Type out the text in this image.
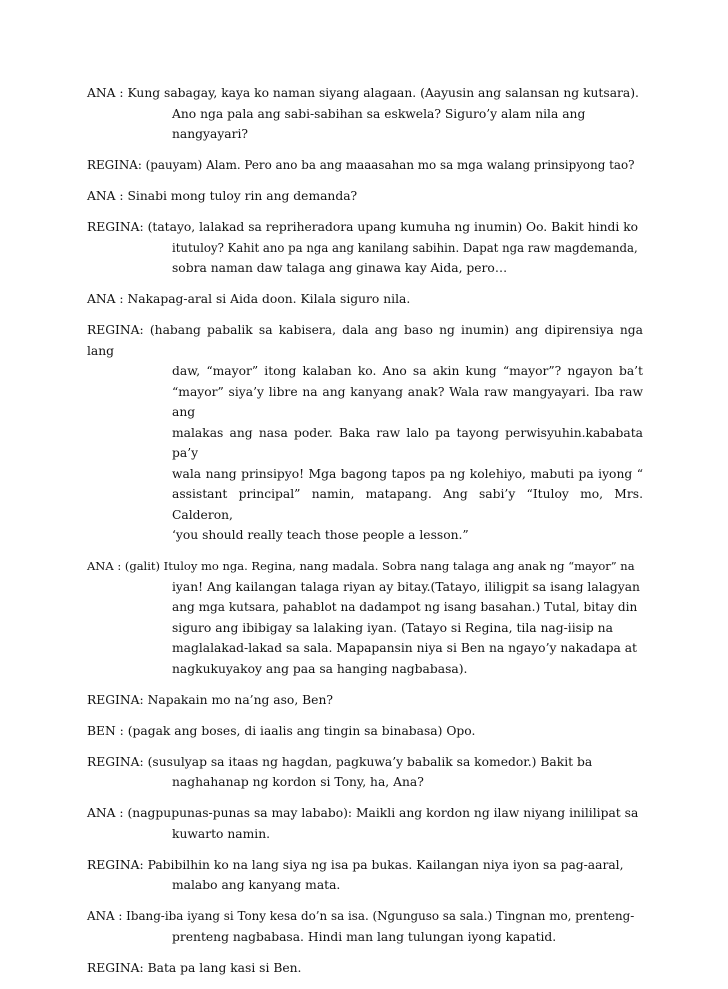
ANA : Kung sabagay, kaya ko naman siyang alagaan. (Aayusin ang salansan ng kutsara).
Ano nga pala ang sabi-sabihan sa eskwela? Siguro’y alam nila ang
nangyayari?
REGINA: (pauyam) Alam. Pero ano ba ang maaasahan mo sa mga walang prinsipyong tao?
ANA : Sinabi mong tuloy rin ang demanda?
REGINA: (tatayo, lalakad sa repriheradora upang kumuha ng inumin) Oo. Bakit hindi ko
itutuloy? Kahit ano pa nga ang kanilang sabihin. Dapat nga raw magdemanda,
sobra naman daw talaga ang ginawa kay Aida, pero…
ANA : Nakapag-aral si Aida doon. Kilala siguro nila.
REGINA: (habang pabalik sa kabisera, dala ang baso ng inumin) ang dipirensiya nga lang
daw, “mayor” itong kalaban ko. Ano sa akin kung “mayor”? ngayon ba’t
“mayor” siya’y libre na ang kanyang anak? Wala raw mangyayari. Iba raw ang
malakas ang nasa poder. Baka raw lalo pa tayong perwisyuhin.kababata pa’y
wala nang prinsipyo! Mga bagong tapos pa ng kolehiyo, mabuti pa iyong “
assistant principal” namin, matapang. Ang sabi’y “Ituloy mo, Mrs. Calderon,
‘you should really teach those people a lesson.”
ANA : (galit) Ituloy mo nga. Regina, nang madala. Sobra nang talaga ang anak ng “mayor” na
iyan! Ang kailangan talaga riyan ay bitay.(Tatayo, ililigpit sa isang lalagyan
ang mga kutsara, pahablot na dadampot ng isang basahan.) Tutal, bitay din
siguro ang ibibigay sa lalaking iyan. (Tatayo si Regina, tila nag-iisip na
maglalakad-lakad sa sala. Mapapansin niya si Ben na ngayo’y nakadapa at
nagkukuyakoy ang paa sa hanging nagbabasa).
REGINA: Napakain mo na’ng aso, Ben?
BEN : (pagak ang boses, di iaalis ang tingin sa binabasa) Opo.
REGINA: (susulyap sa itaas ng hagdan, pagkuwa’y babalik sa komedor.) Bakit ba
naghahanap ng kordon si Tony, ha, Ana?
ANA : (nagpupunas-punas sa may lababo): Maikli ang kordon ng ilaw niyang inililipat sa
kuwarto namin.
REGINA: Pabibilhin ko na lang siya ng isa pa bukas. Kailangan niya iyon sa pag-aaral,
malabo ang kanyang mata.
ANA : Ibang-iba iyang si Tony kesa do’n sa isa. (Ngunguso sa sala.) Tingnan mo, prenteng-
prenteng nagbabasa. Hindi man lang tulungan iyong kapatid.
REGINA: Bata pa lang kasi si Ben.
